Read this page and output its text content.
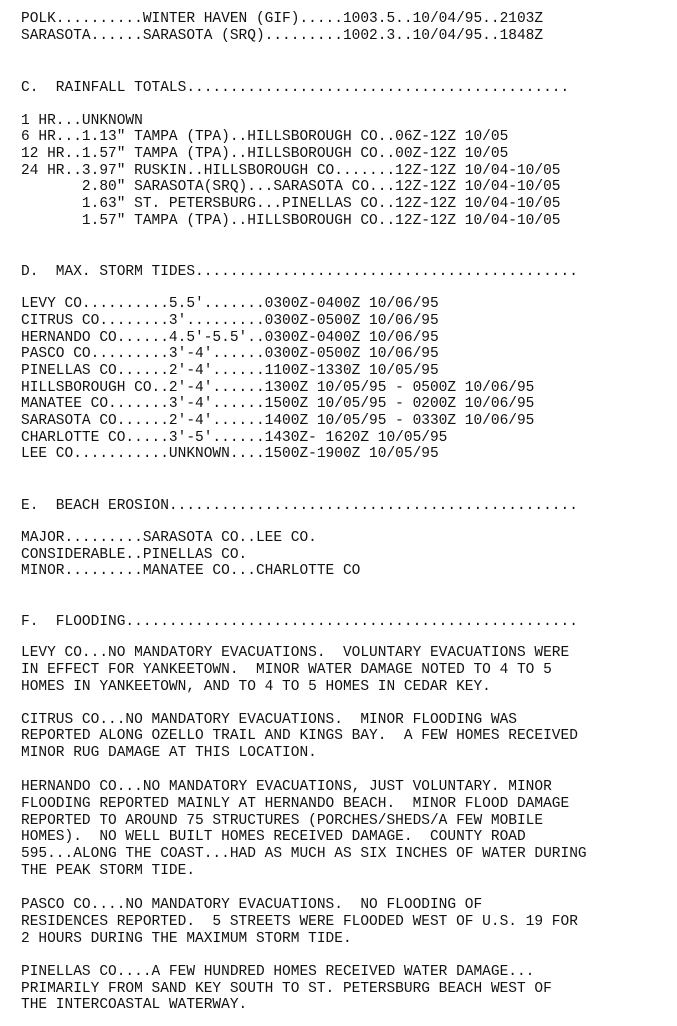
POLK..........WINTER HAVEN (GIF).....1003.5..10/04/95..2103Z

SARASOTA......SARASOTA (SRQ).........1002.3..10/04/95..1848Z

C.  RAINFALL TOTALS............................................

1 HR...UNKNOWN

6 HR...1.13" TAMPA (TPA)..HILLSBOROUGH CO..06Z-12Z 10/05

12 HR..1.57" TAMPA (TPA)..HILLSBOROUGH CO..00Z-12Z 10/05

24 HR..3.97" RUSKIN..HILLSBOROUGH CO.......12Z-12Z 10/04-10/05

2.80" SARASOTA(SRQ)...SARASOTA CO...12Z-12Z 10/04-10/05

1.63" ST. PETERSBURG...PINELLAS CO..12Z-12Z 10/04-10/05

1.57" TAMPA (TPA)..HILLSBOROUGH CO..12Z-12Z 10/04-10/05

D.  MAX. STORM TIDES............................................

LEVY CO..........5.5'.......0300Z-0400Z 10/06/95

CITRUS CO........3'.........0300Z-0500Z 10/06/95

HERNANDO CO......4.5'-5.5'..0300Z-0400Z 10/06/95

PASCO CO.........3'-4'......0300Z-0500Z 10/06/95

PINELLAS CO......2'-4'......1100Z-1330Z 10/05/95

HILLSBOROUGH CO..2'-4'......1300Z 10/05/95 - 0500Z 10/06/95

MANATEE CO.......3'-4'......1500Z 10/05/95 - 0200Z 10/06/95

SARASOTA CO......2'-4'......1400Z 10/05/95 - 0330Z 10/06/95

CHARLOTTE CO.....3'-5'......1430Z- 1620Z 10/05/95

LEE CO...........UNKNOWN....1500Z-1900Z 10/05/95

E.  BEACH EROSION...............................................

MAJOR.........SARASOTA CO..LEE CO.

CONSIDERABLE..PINELLAS CO.

MINOR.........MANATEE CO...CHARLOTTE CO

F.  FLOODING....................................................

LEVY CO...NO MANDATORY EVACUATIONS.  VOLUNTARY EVACUATIONS WERE

IN EFFECT FOR YANKEETOWN.  MINOR WATER DAMAGE NOTED TO 4 TO 5

HOMES IN YANKEETOWN, AND TO 4 TO 5 HOMES IN CEDAR KEY.

CITRUS CO...NO MANDATORY EVACUATIONS.  MINOR FLOODING WAS

REPORTED ALONG OZELLO TRAIL AND KINGS BAY.  A FEW HOMES RECEIVED

MINOR RUG DAMAGE AT THIS LOCATION.

HERNANDO CO...NO MANDATORY EVACUATIONS, JUST VOLUNTARY. MINOR

FLOODING REPORTED MAINLY AT HERNANDO BEACH.  MINOR FLOOD DAMAGE

REPORTED TO AROUND 75 STRUCTURES (PORCHES/SHEDS/A FEW MOBILE

HOMES).  NO WELL BUILT HOMES RECEIVED DAMAGE.  COUNTY ROAD

595...ALONG THE COAST...HAD AS MUCH AS SIX INCHES OF WATER DURING

THE PEAK STORM TIDE.

PASCO CO....NO MANDATORY EVACUATIONS.  NO FLOODING OF

RESIDENCES REPORTED.  5 STREETS WERE FLOODED WEST OF U.S. 19 FOR

2 HOURS DURING THE MAXIMUM STORM TIDE.

PINELLAS CO....A FEW HUNDRED HOMES RECEIVED WATER DAMAGE...

PRIMARILY FROM SAND KEY SOUTH TO ST. PETERSBURG BEACH WEST OF

THE INTERCOASTAL WATERWAY.
